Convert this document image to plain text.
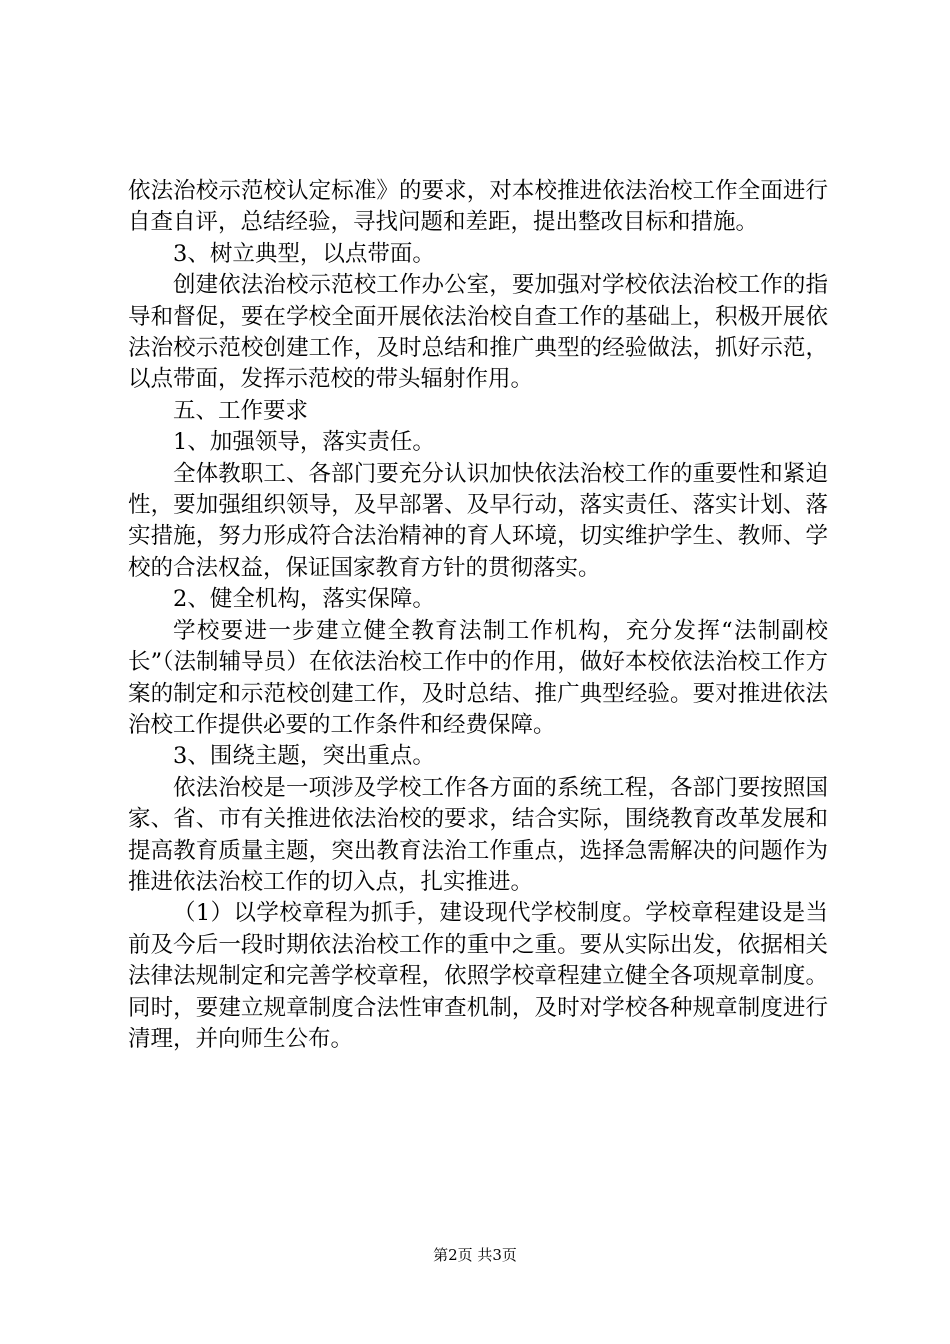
依法治校示范校认定标准》的要求，对本校推进依法治校工作全面进行自查自评，总结经验，寻找问题和差距，提出整改目标和措施。

3、树立典型，以点带面。

创建依法治校示范校工作办公室，要加强对学校依法治校工作的指导和督促，要在学校全面开展依法治校自查工作的基础上，积极开展依法治校示范校创建工作，及时总结和推广典型的经验做法，抓好示范，以点带面，发挥示范校的带头辐射作用。

五、工作要求

1、加强领导，落实责任。

全体教职工、各部门要充分认识加快依法治校工作的重要性和紧迫性，要加强组织领导，及早部署、及早行动，落实责任、落实计划、落实措施，努力形成符合法治精神的育人环境，切实维护学生、教师、学校的合法权益，保证国家教育方针的贯彻落实。

2、健全机构，落实保障。

学校要进一步建立健全教育法制工作机构，充分发挥“法制副校长”（法制辅导员）在依法治校工作中的作用，做好本校依法治校工作方案的制定和示范校创建工作，及时总结、推广典型经验。要对推进依法治校工作提供必要的工作条件和经费保障。

3、围绕主题，突出重点。

依法治校是一项涉及学校工作各方面的系统工程，各部门要按照国家、省、市有关推进依法治校的要求，结合实际，围绕教育改革发展和提高教育质量主题，突出教育法治工作重点，选择急需解决的问题作为推进依法治校工作的切入点，扎实推进。

（1）以学校章程为抓手，建设现代学校制度。学校章程建设是当前及今后一段时期依法治校工作的重中之重。要从实际出发，依据相关法律法规制定和完善学校章程，依照学校章程建立健全各项规章制度。同时，要建立规章制度合法性审查机制，及时对学校各种规章制度进行清理，并向师生公布。

第2页 共3页
